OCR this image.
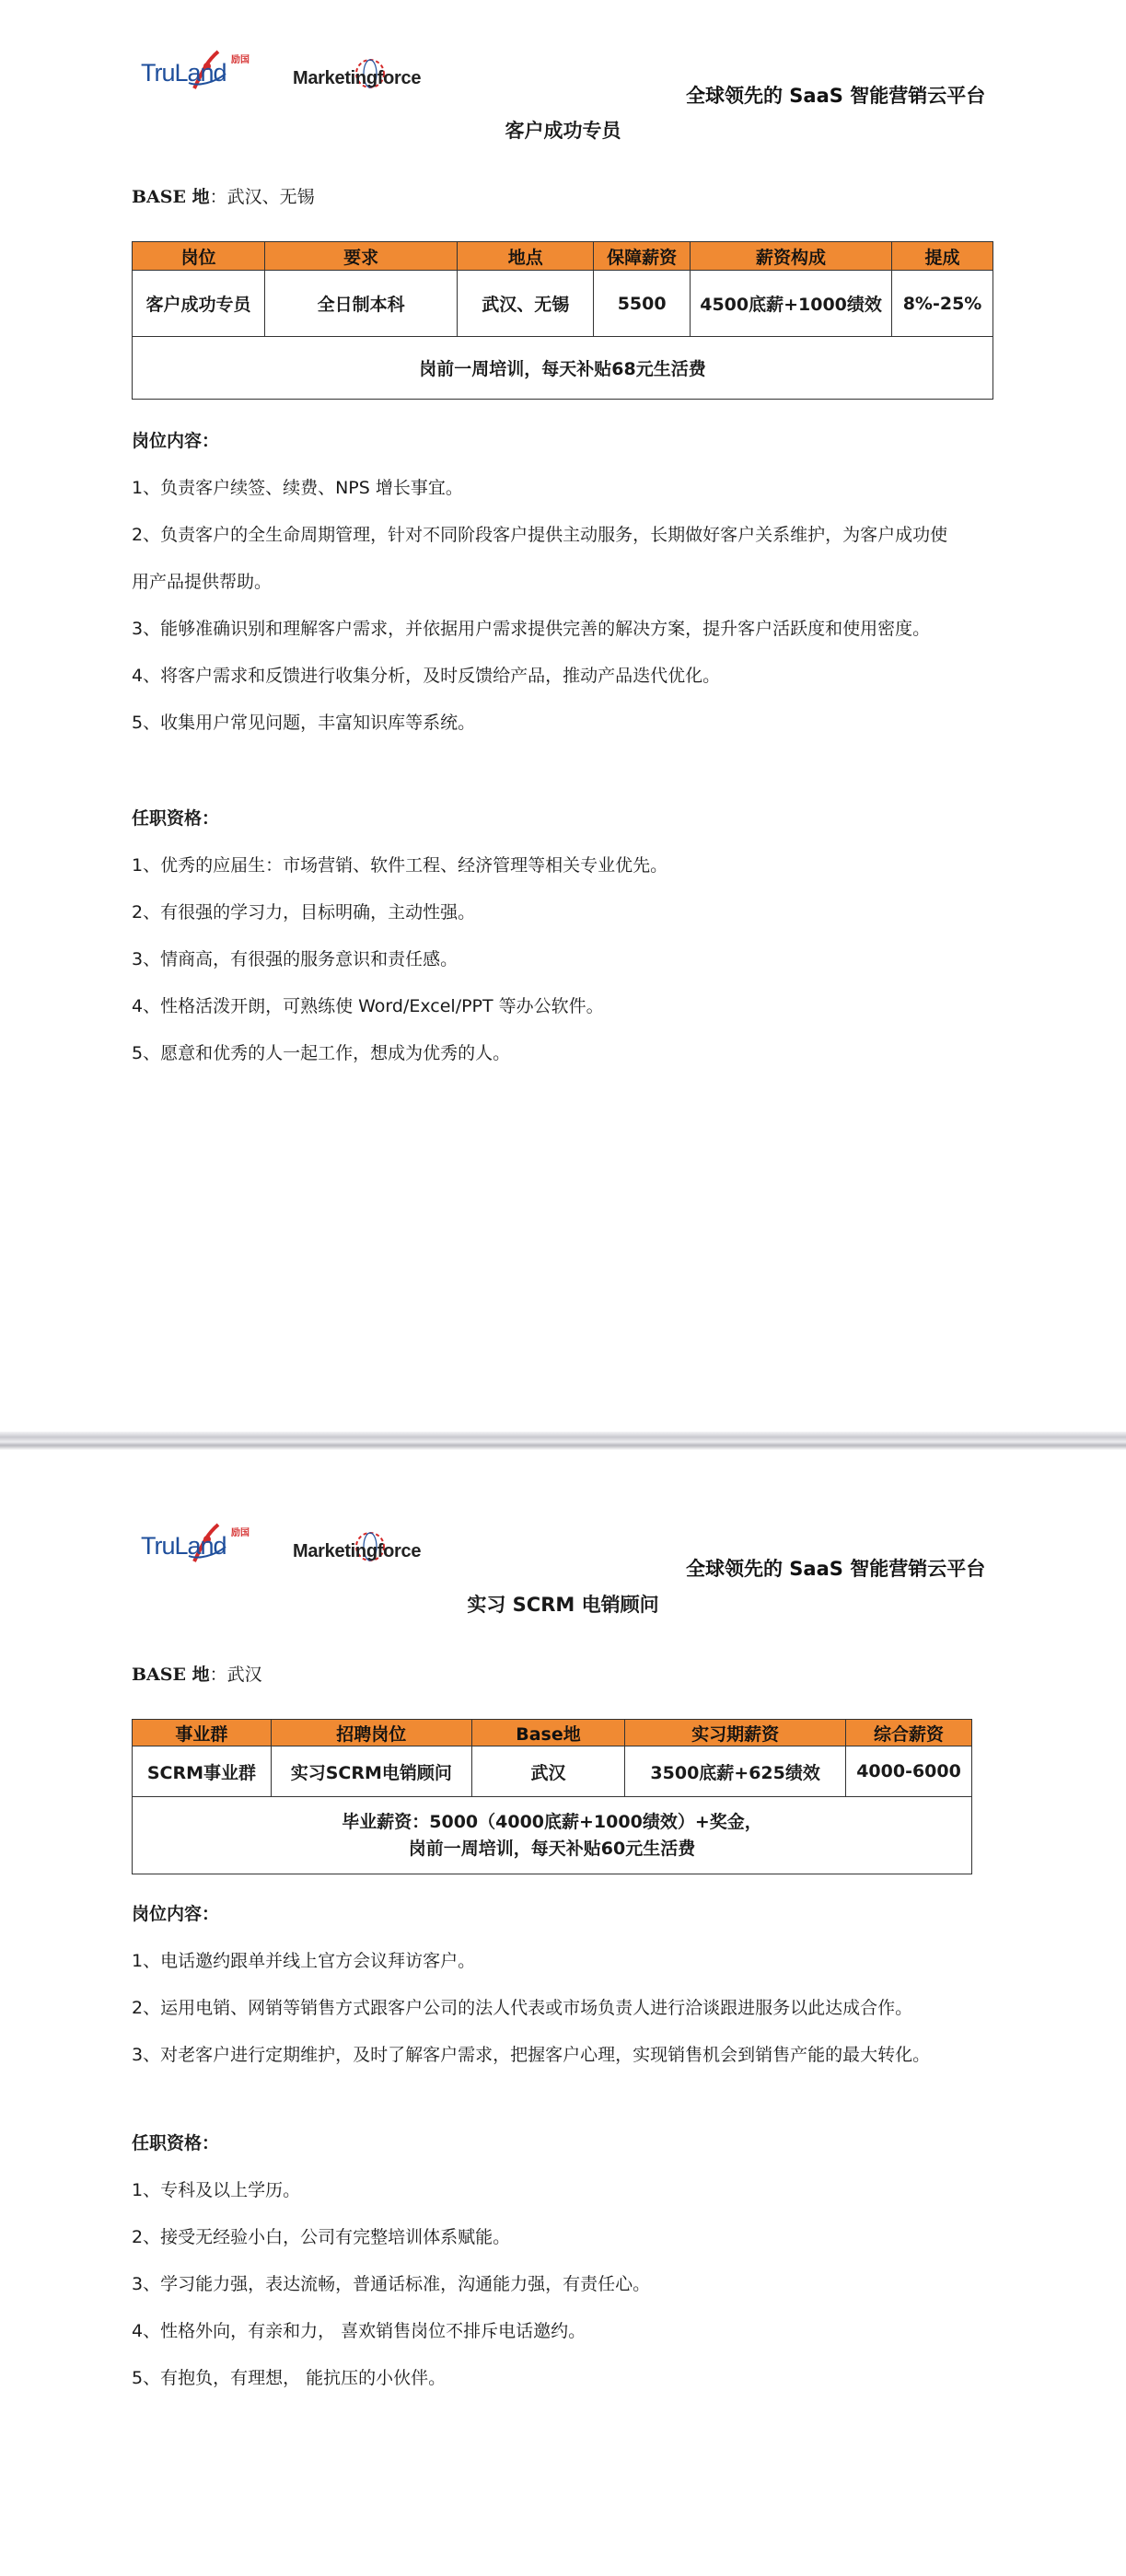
TruLand 励国
Marketingforce
全球领先的 SaaS 智能营销云平台
客户成功专员
BASE 地：武汉、无锡
岗位	要求	地点	保障薪资	薪资构成	提成
客户成功专员	全日制本科	武汉、无锡	5500	4500底薪+1000绩效	8%-25%
岗前一周培训，每天补贴68元生活费					
岗位内容：
1、负责客户续签、续费、NPS 增长事宜。
2、负责客户的全生命周期管理，针对不同阶段客户提供主动服务，长期做好客户关系维护，为客户成功使
用产品提供帮助。
3、能够准确识别和理解客户需求，并依据用户需求提供完善的解决方案，提升客户活跃度和使用密度。
4、将客户需求和反馈进行收集分析，及时反馈给产品，推动产品迭代优化。
5、收集用户常见问题，丰富知识库等系统。
任职资格：
1、优秀的应届生：市场营销、软件工程、经济管理等相关专业优先。
2、有很强的学习力，目标明确，主动性强。
3、情商高，有很强的服务意识和责任感。
4、性格活泼开朗，可熟练使 Word/Excel/PPT 等办公软件。
5、愿意和优秀的人一起工作，想成为优秀的人。
TruLand 励国
Marketingforce
全球领先的 SaaS 智能营销云平台
实习 SCRM 电销顾问
BASE 地：武汉
事业群	招聘岗位	Base地	实习期薪资	综合薪资
SCRM事业群	实习SCRM电销顾问	武汉	3500底薪+625绩效	4000-6000

毕业薪资：5000（4000底薪+1000绩效）+奖金，
岗前一周培训，每天补贴60元生活费				
岗位内容：
1、电话邀约跟单并线上官方会议拜访客户。
2、运用电销、网销等销售方式跟客户公司的法人代表或市场负责人进行洽谈跟进服务以此达成合作。
3、对老客户进行定期维护，及时了解客户需求，把握客户心理，实现销售机会到销售产能的最大转化。
任职资格：
1、专科及以上学历。
2、接受无经验小白，公司有完整培训体系赋能。
3、学习能力强，表达流畅，普通话标准，沟通能力强，有责任心。
4、性格外向，有亲和力， 喜欢销售岗位不排斥电话邀约。
5、有抱负，有理想， 能抗压的小伙伴。
